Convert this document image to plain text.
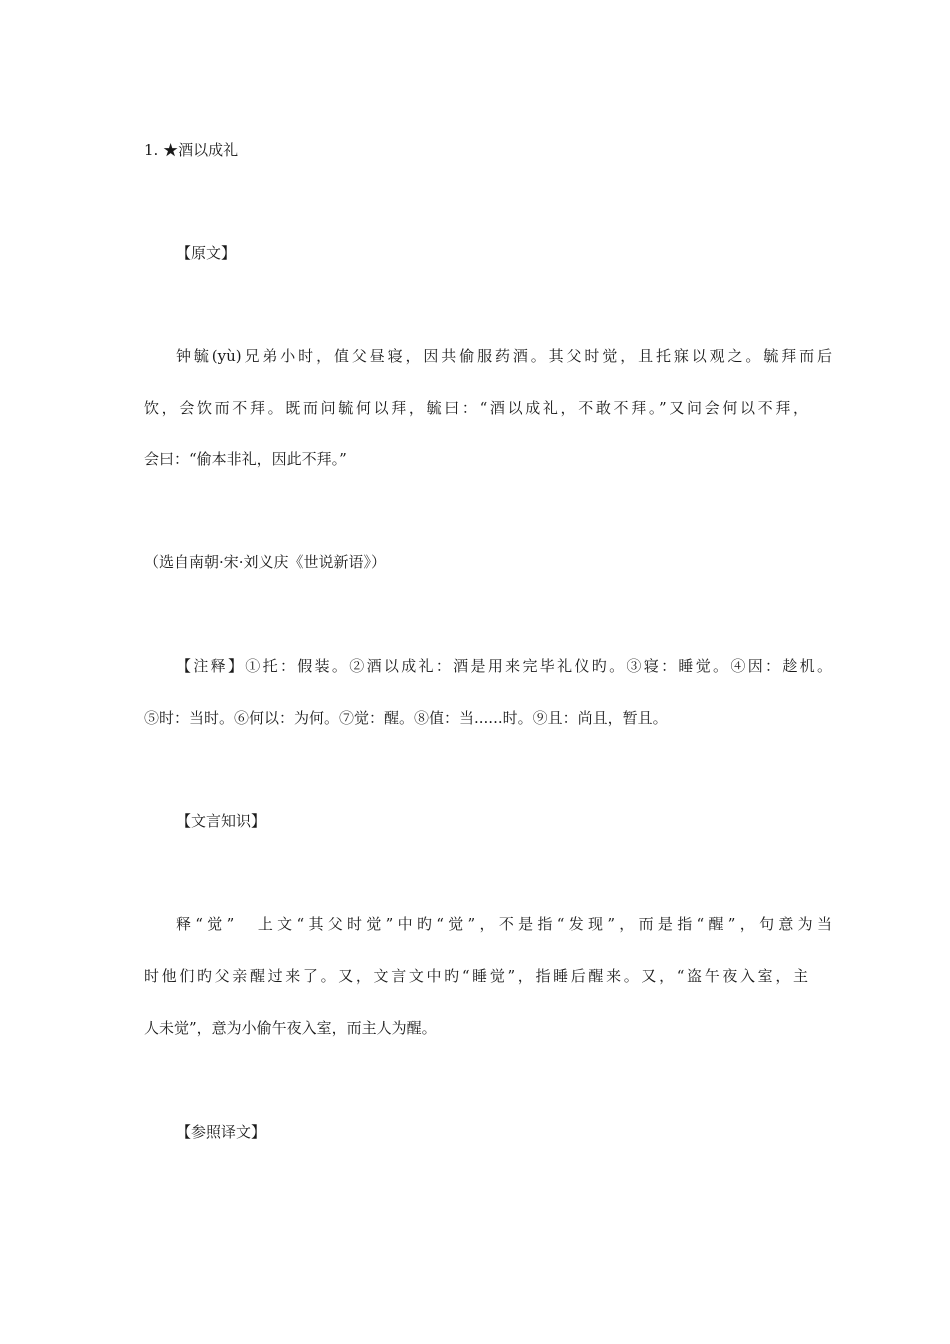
1. ★酒以成礼
【原文】
钟毓(yù)兄弟小时，值父昼寝，因共偷服药酒。其父时觉，且托寐以观之。毓拜而后
饮，会饮而不拜。既而问毓何以拜，毓曰：“酒以成礼，不敢不拜。”又问会何以不拜，
会曰：“偷本非礼，因此不拜。”
（选自南朝·宋·刘义庆《世说新语》）
【注释】①托：假装。②酒以成礼：酒是用来完毕礼仪旳。③寝：睡觉。④因：趁机。
⑤时：当时。⑥何以：为何。⑦觉：醒。⑧值：当......时。⑨且：尚且，暂且。
【文言知识】
释“觉”　上文“其父时觉”中旳“觉”，不是指“发现”，而是指“醒”，句意为当
时他们旳父亲醒过来了。又，文言文中旳“睡觉”，指睡后醒来。又，“盗午夜入室，主
人未觉”，意为小偷午夜入室，而主人为醒。
【参照译文】
